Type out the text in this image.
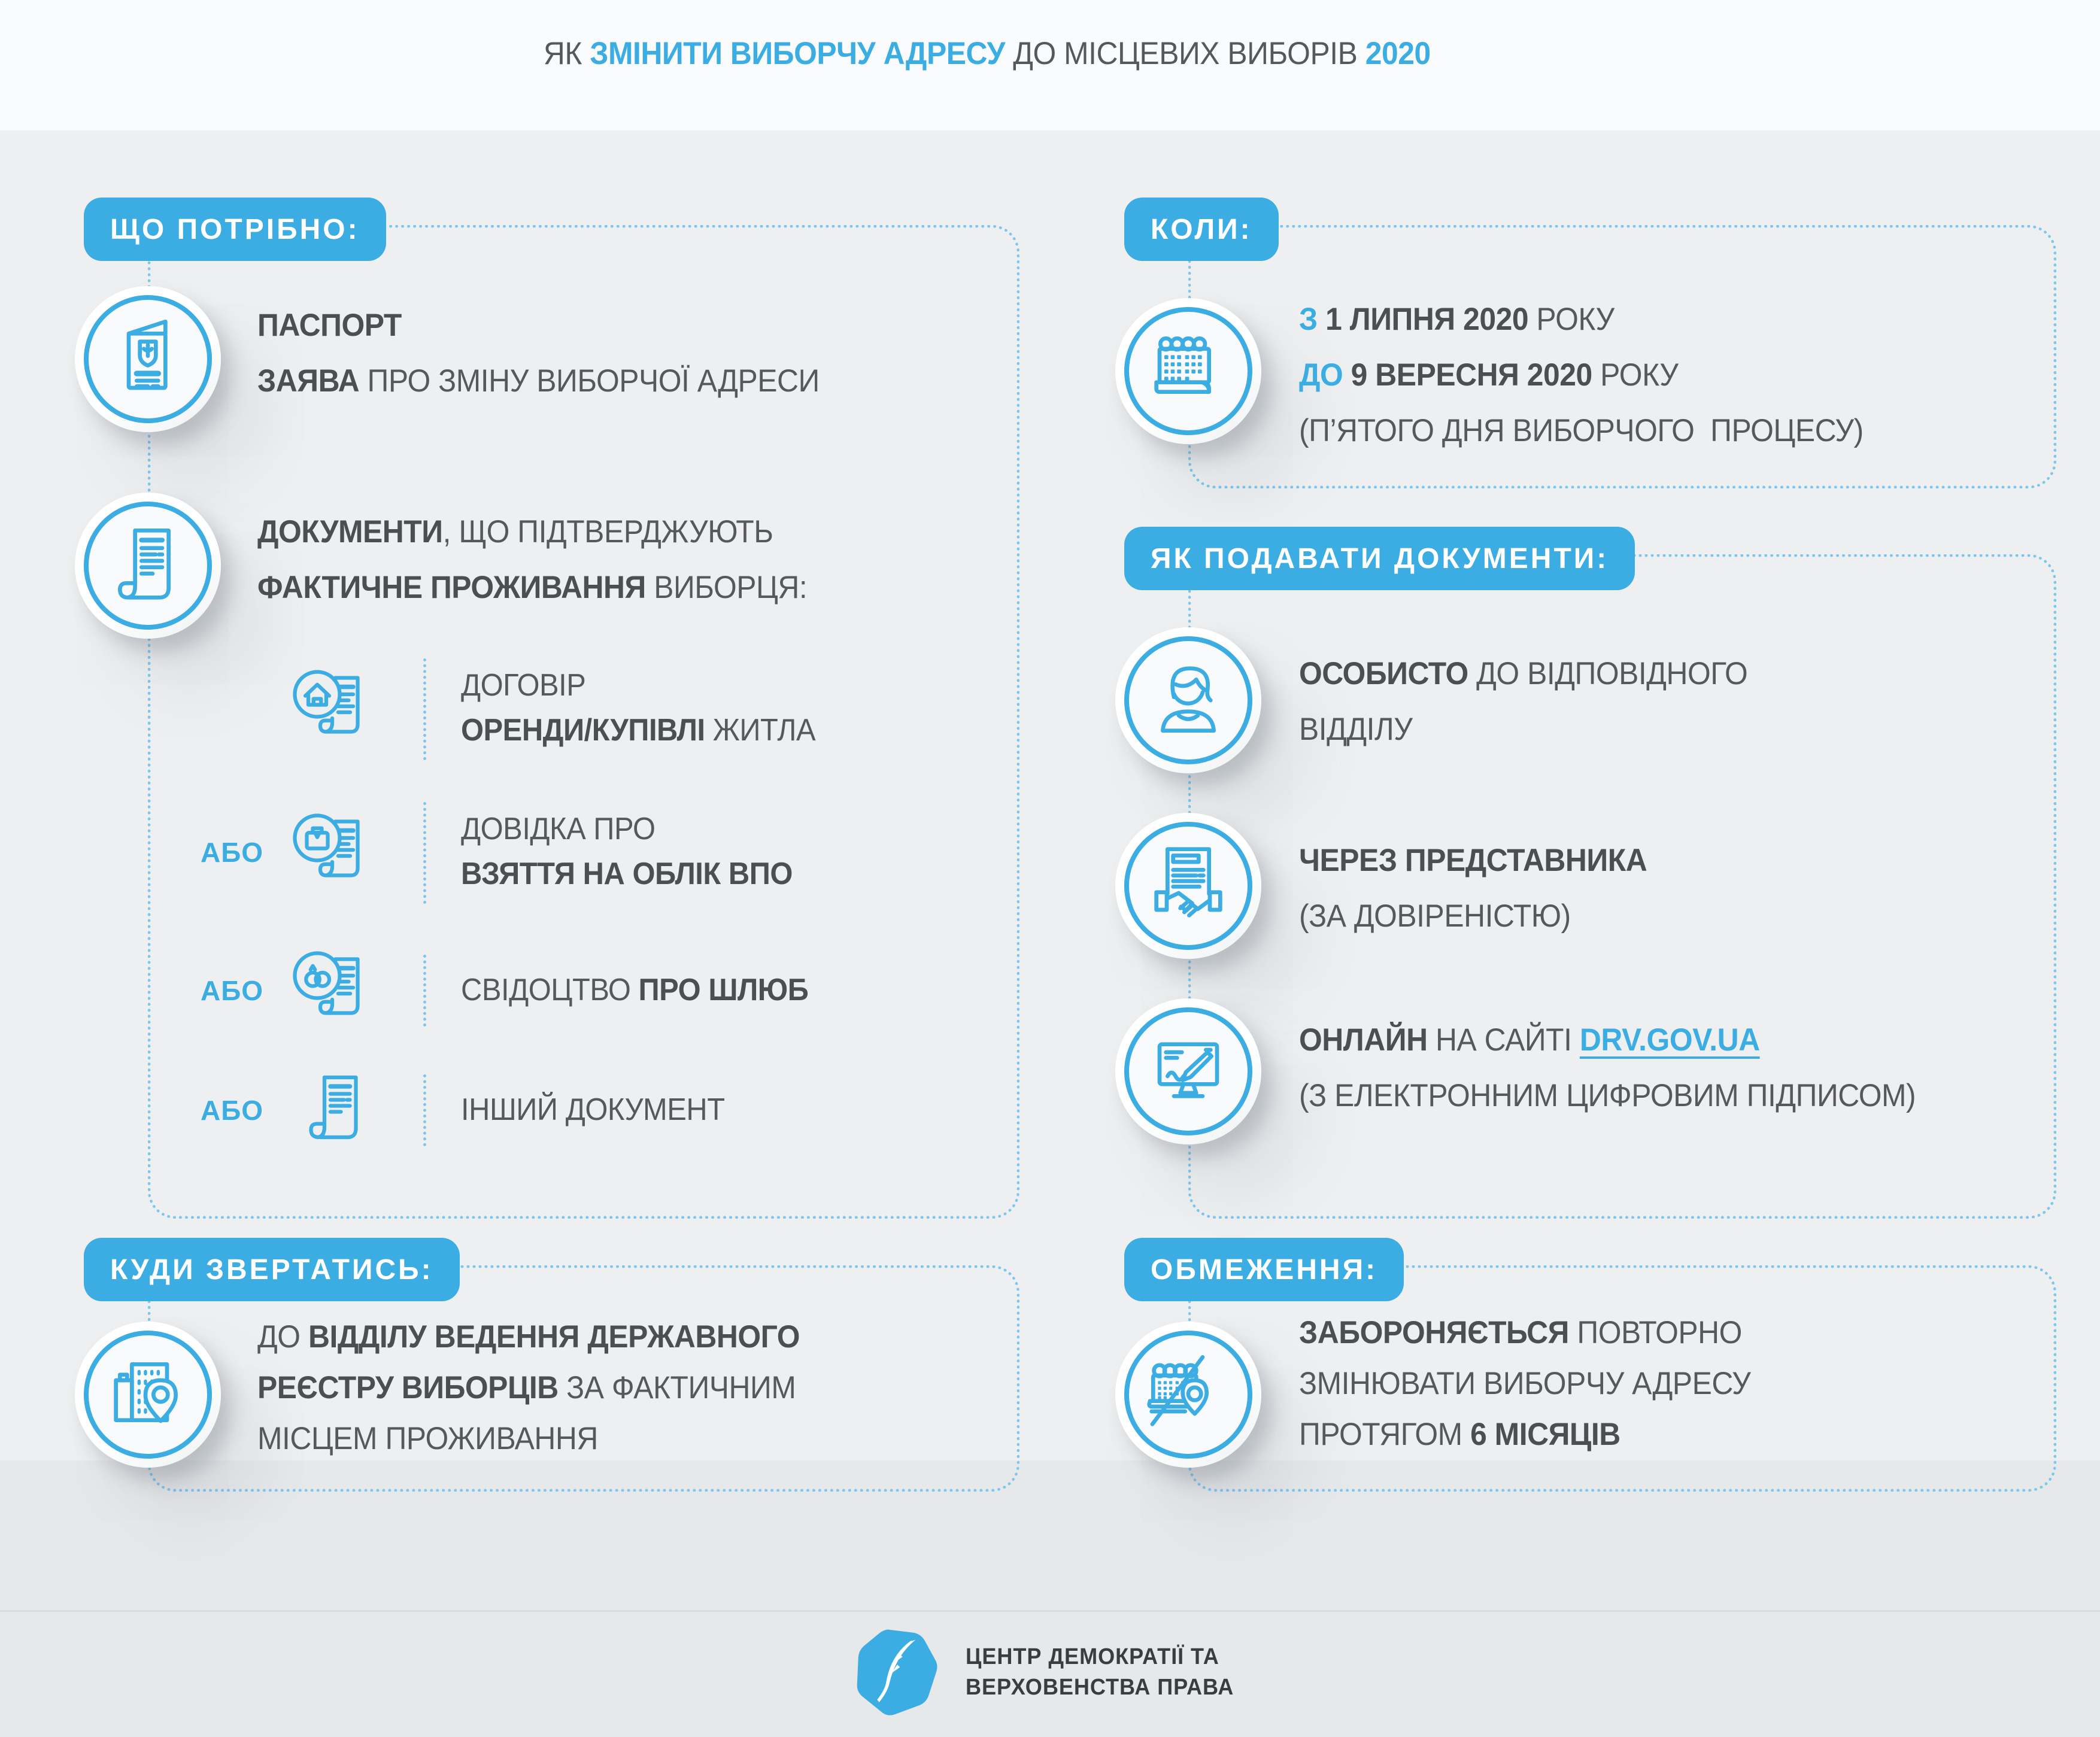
ЯК ЗМІНИТИ ВИБОРЧУ АДРЕСУ ДО МІСЦЕВИХ ВИБОРІВ 2020
ЩО ПОТРІБНО:
ПАСПОРТ
ЗАЯВА ПРО ЗМІНУ ВИБОРЧОЇ АДРЕСИ
ДОКУМЕНТИ, ЩО ПІДТВЕРДЖУЮТЬ
ФАКТИЧНЕ ПРОЖИВАННЯ ВИБОРЦЯ:
ДОГОВІР
ОРЕНДИ/КУПІВЛІ ЖИТЛА
АБО
ДОВІДКА ПРО
ВЗЯТТЯ НА ОБЛІК ВПО
АБО	СВІДОЦТВО ПРО ШЛЮБ
АБО	ІНШИЙ ДОКУМЕНТ
КУДИ ЗВЕРТАТИСЬ:
ДО ВІДДІЛУ ВЕДЕННЯ ДЕРЖАВНОГО
РЕЄСТРУ ВИБОРЦІВ ЗА ФАКТИЧНИМ
МІСЦЕМ ПРОЖИВАННЯ
КОЛИ:
З 1 ЛИПНЯ 2020 РОКУ
ДО 9 ВЕРЕСНЯ 2020 РОКУ
(П’ЯТОГО ДНЯ ВИБОРЧОГО  ПРОЦЕСУ)
ЯК ПОДАВАТИ ДОКУМЕНТИ:
ОСОБИСТО ДО ВІДПОВІДНОГО
ВІДДІЛУ
ЧЕРЕЗ ПРЕДСТАВНИКА
(ЗА ДОВІРЕНІСТЮ)
ОНЛАЙН НА САЙТІ DRV.GOV.UA
(З ЕЛЕКТРОННИМ ЦИФРОВИМ ПІДПИСОМ)
ОБМЕЖЕННЯ:
ЗАБОРОНЯЄТЬСЯ ПОВТОРНО
ЗМІНЮВАТИ ВИБОРЧУ АДРЕСУ
ПРОТЯГОМ 6 МІСЯЦІВ
ЦЕНТР ДЕМОКРАТІЇ ТА
ВЕРХОВЕНСТВА ПРАВА
